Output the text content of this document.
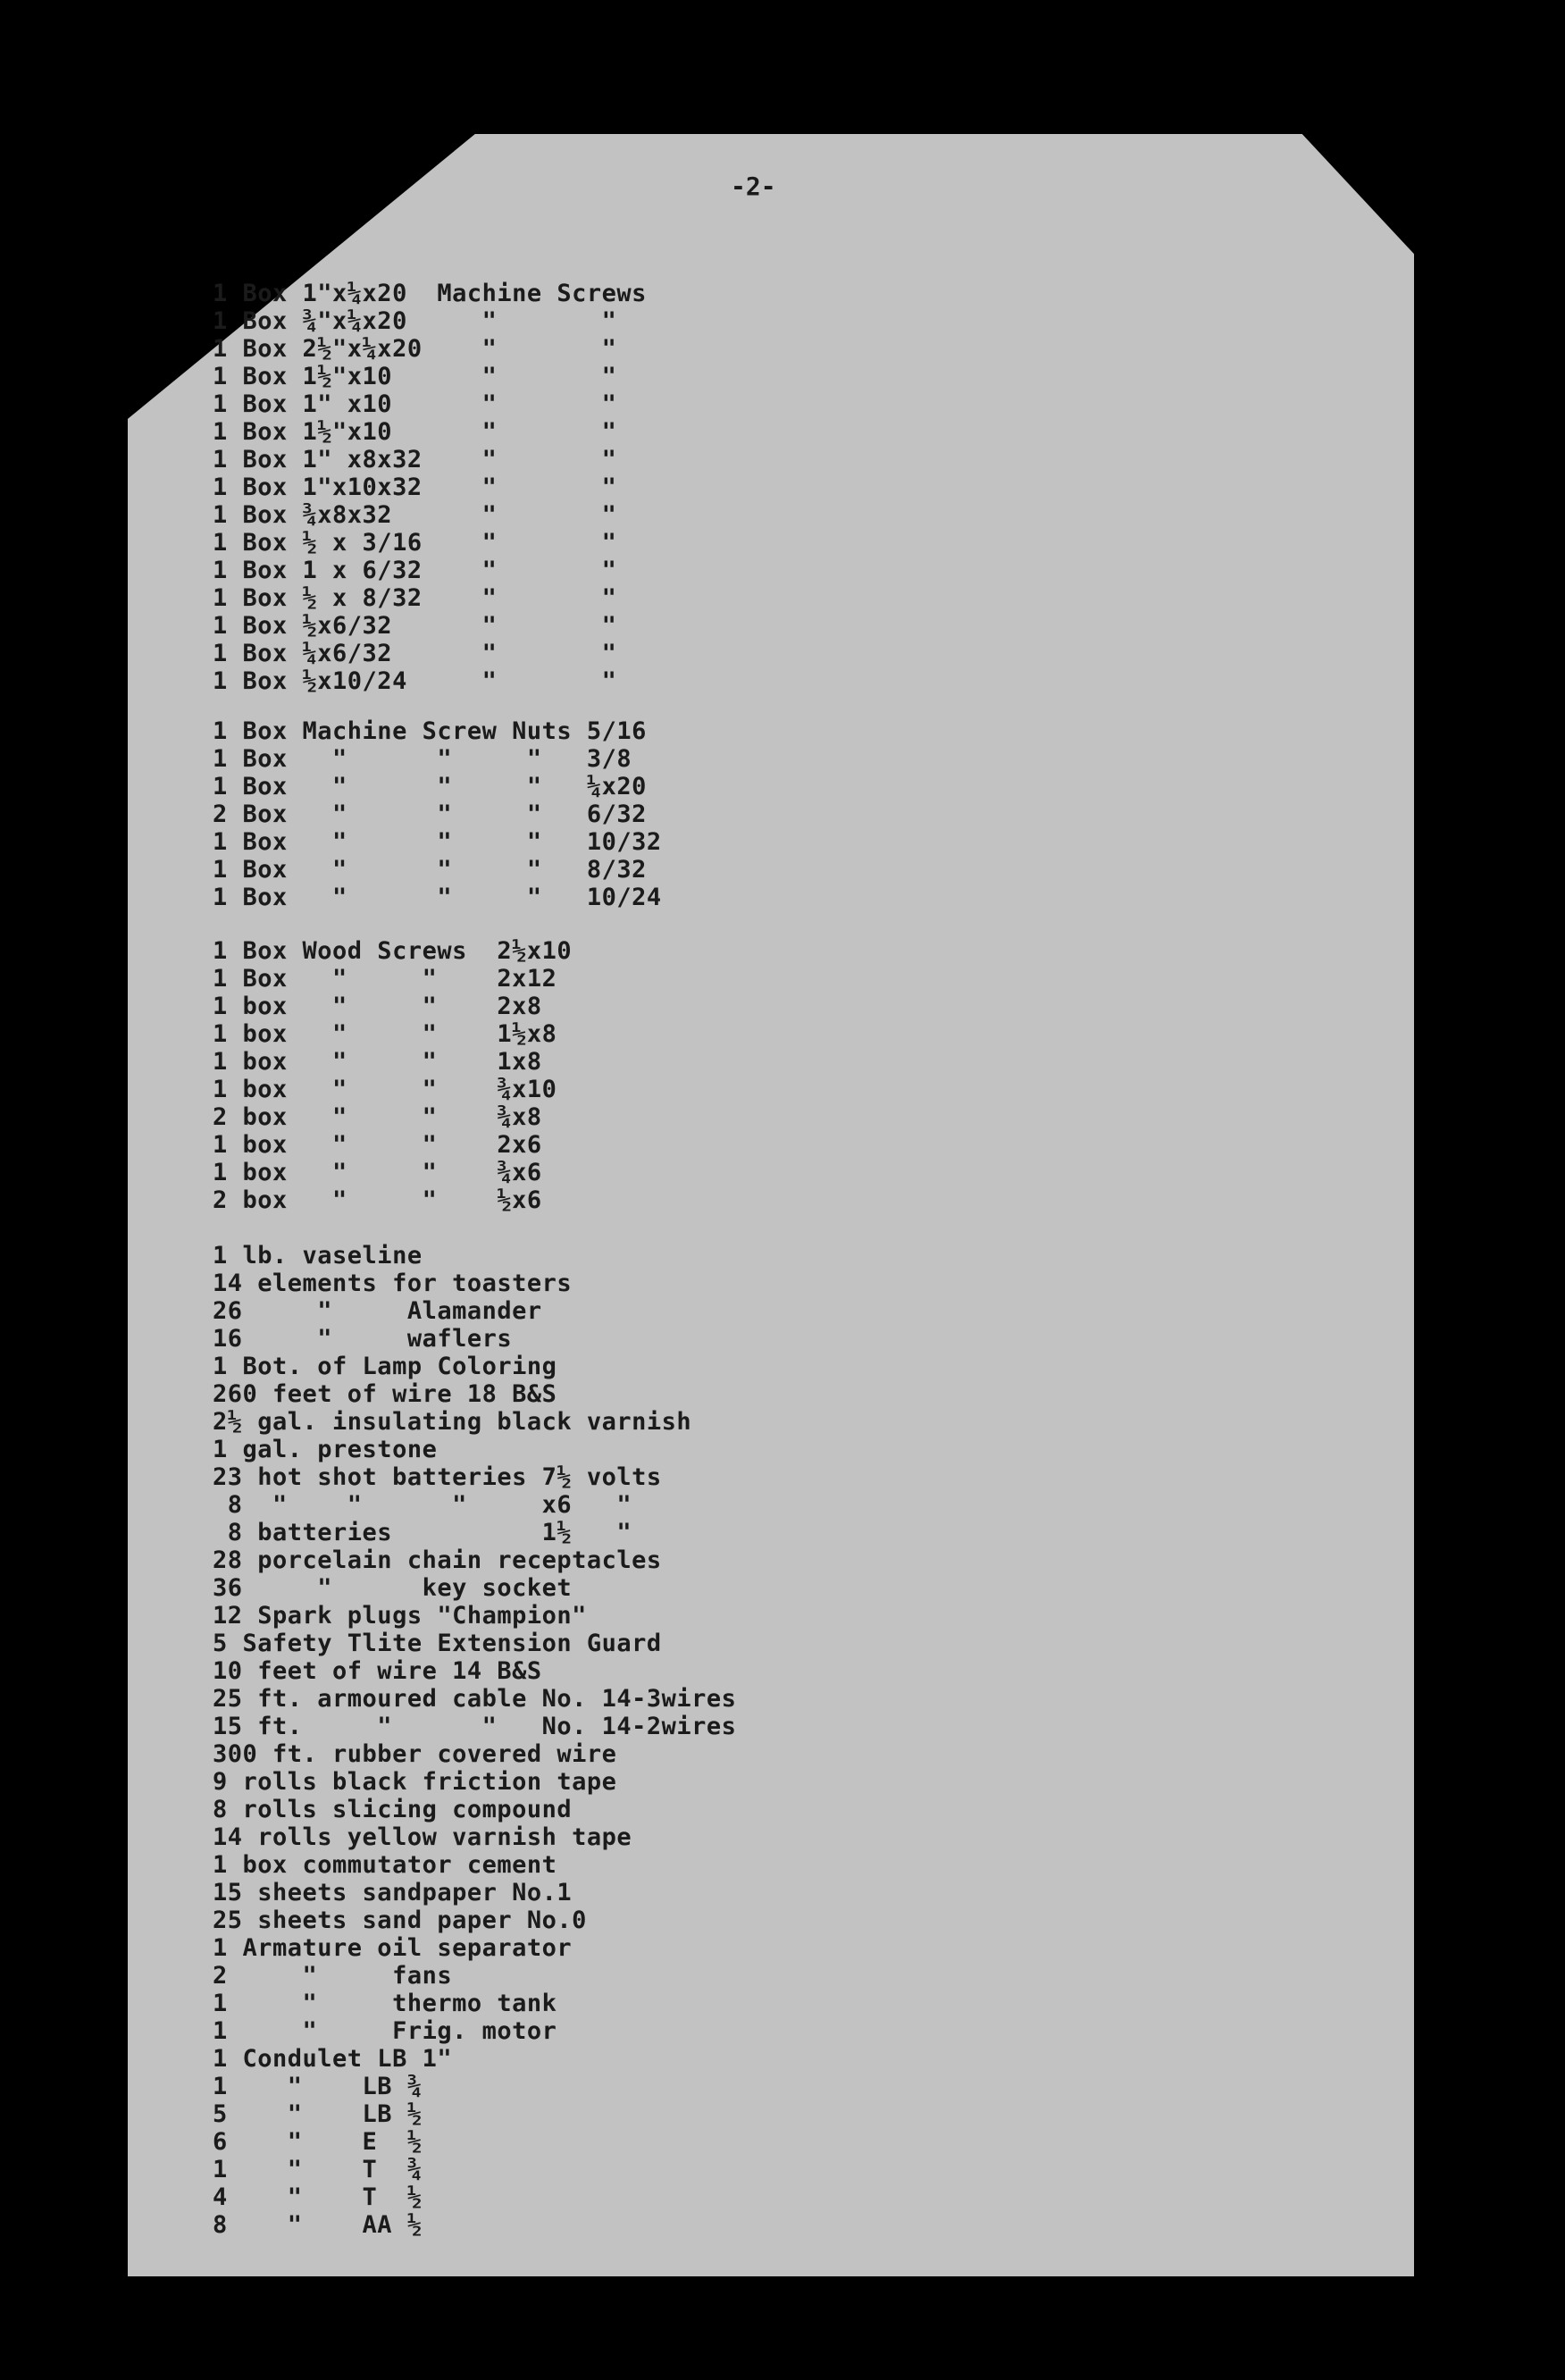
-2-
1 Box 1"x¼x20  Machine Screws
1 Box ¾"x¼x20     "       "
1 Box 2½"x¼x20    "       "
1 Box 1½"x10      "       "
1 Box 1" x10      "       "
1 Box 1½"x10      "       "
1 Box 1" x8x32    "       "
1 Box 1"x10x32    "       "
1 Box ¾x8x32      "       "
1 Box ½ x 3/16    "       "
1 Box 1 x 6/32    "       "
1 Box ½ x 8/32    "       "
1 Box ½x6/32      "       "
1 Box ¼x6/32      "       "
1 Box ½x10/24     "       "
1 Box Machine Screw Nuts 5/16
1 Box   "      "     "   3/8
1 Box   "      "     "   ¼x20
2 Box   "      "     "   6/32
1 Box   "      "     "   10/32
1 Box   "      "     "   8/32
1 Box   "      "     "   10/24
1 Box Wood Screws  2½x10
1 Box   "     "    2x12
1 box   "     "    2x8
1 box   "     "    1½x8
1 box   "     "    1x8
1 box   "     "    ¾x10
2 box   "     "    ¾x8
1 box   "     "    2x6
1 box   "     "    ¾x6
2 box   "     "    ½x6
1 lb. vaseline
14 elements for toasters
26     "     Alamander
16     "     waflers
1 Bot. of Lamp Coloring
260 feet of wire 18 B&S
2½ gal. insulating black varnish
1 gal. prestone
23 hot shot batteries 7½ volts
8  "    "      "     x6   "
8 batteries          1½   "
28 porcelain chain receptacles
36     "      key socket
12 Spark plugs "Champion"
5 Safety Tlite Extension Guard
10 feet of wire 14 B&S
25 ft. armoured cable No. 14-3wires
15 ft.     "      "   No. 14-2wires
300 ft. rubber covered wire
9 rolls black friction tape
8 rolls slicing compound
14 rolls yellow varnish tape
1 box commutator cement
15 sheets sandpaper No.1
25 sheets sand paper No.0
1 Armature oil separator
2     "     fans
1     "     thermo tank
1     "     Frig. motor
1 Condulet LB 1"
1    "    LB ¾
5    "    LB ½
6    "    E  ½
1    "    T  ¾
4    "    T  ½
8    "    AA ½
